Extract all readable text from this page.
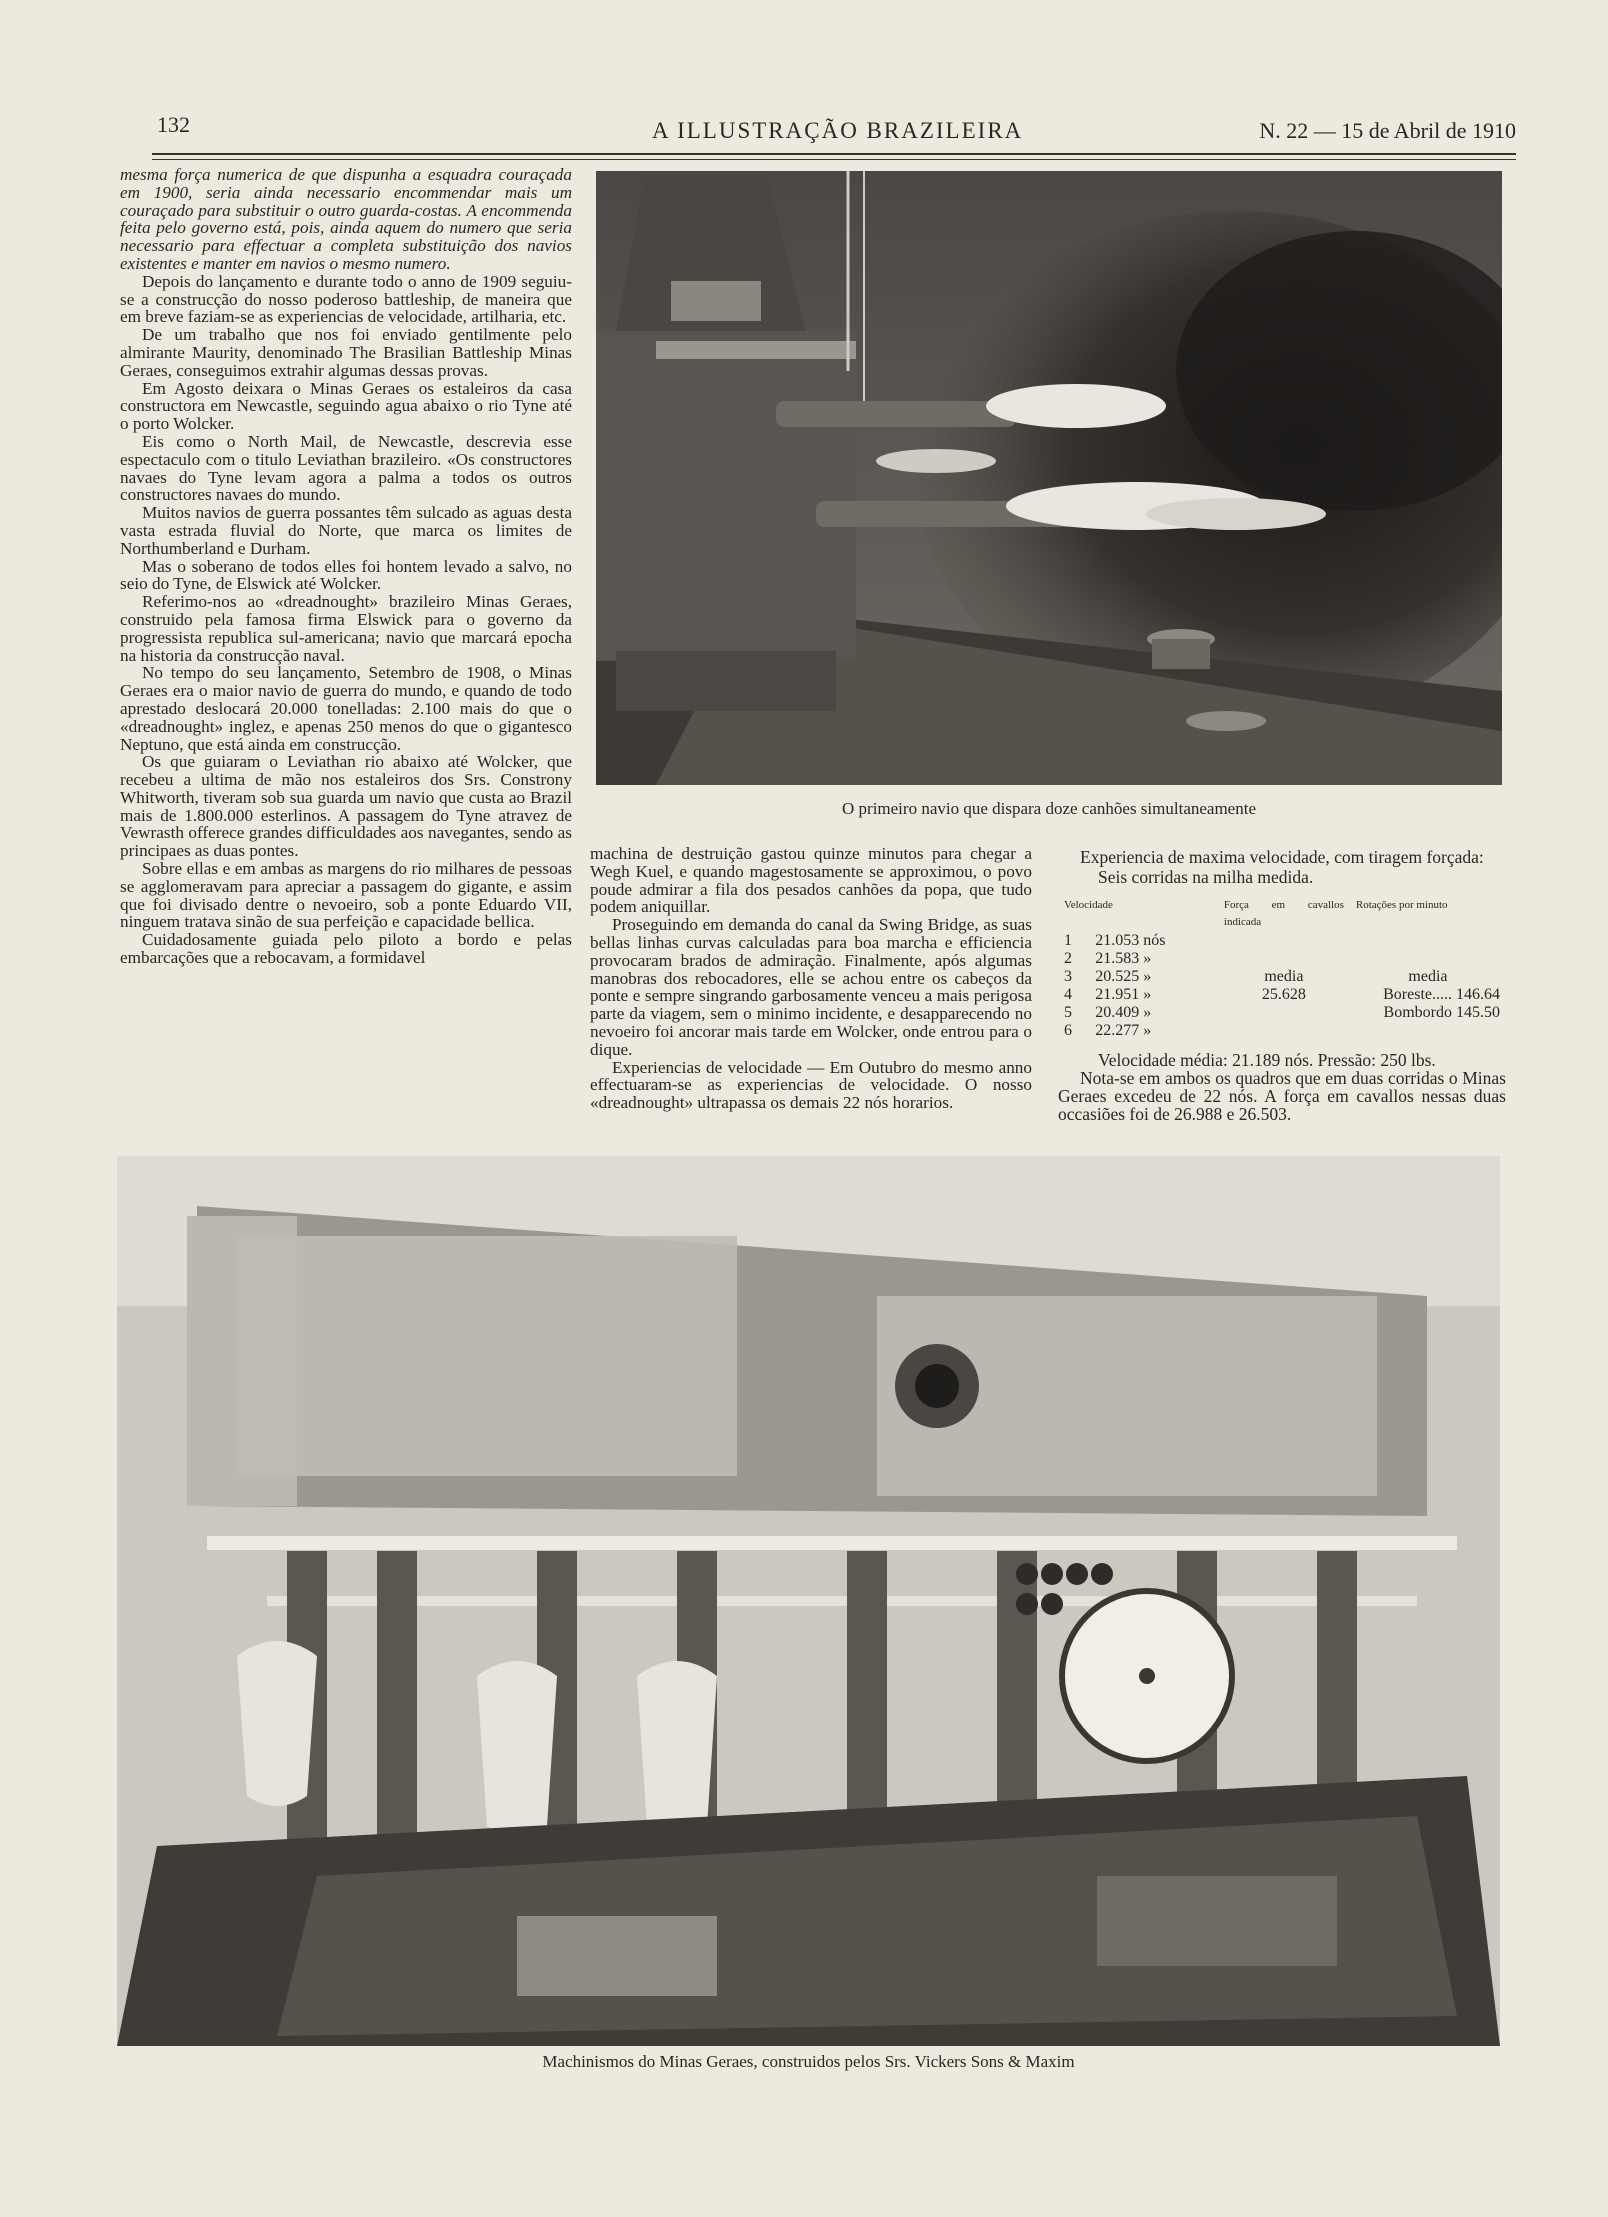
132	A ILLUSTRAÇÃO BRAZILEIRA	N. 22 — 15 de Abril de 1910

mesma força numerica de que dispunha a esquadra couraçada em 1900, seria ainda necessario encommendar mais um couraçado para substituir o outro guarda-costas. A encommenda feita pelo governo está, pois, ainda aquem do numero que seria necessario para effectuar a completa substituição dos navios existentes e manter em navios o mesmo numero.

Depois do lançamento e durante todo o anno de 1909 seguiu-se a construcção do nosso poderoso battleship, de maneira que em breve faziam-se as experiencias de velocidade, artilharia, etc.

De um trabalho que nos foi enviado gentilmente pelo almirante Maurity, denominado The Brasilian Battleship Minas Geraes, conseguimos extrahir algumas dessas provas.

Em Agosto deixara o Minas Geraes os estaleiros da casa constructora em Newcastle, seguindo agua abaixo o rio Tyne até o porto Wolcker.

Eis como o North Mail, de Newcastle, descrevia esse espectaculo com o titulo Leviathan brazileiro. «Os constructores navaes do Tyne levam agora a palma a todos os outros constructores navaes do mundo.

Muitos navios de guerra possantes têm sulcado as aguas desta vasta estrada fluvial do Norte, que marca os limites de Northumberland e Durham.

Mas o soberano de todos elles foi hontem levado a salvo, no seio do Tyne, de Elswick até Wolcker.

Referimo-nos ao «dreadnought» brazileiro Minas Geraes, construido pela famosa firma Elswick para o governo da progressista republica sul-americana; navio que marcará epocha na historia da construcção naval.

No tempo do seu lançamento, Setembro de 1908, o Minas Geraes era o maior navio de guerra do mundo, e quando de todo aprestado deslocará 20.000 tonelladas: 2.100 mais do que o «dreadnought» inglez, e apenas 250 menos do que o gigantesco Neptuno, que está ainda em construcção.

Os que guiaram o Leviathan rio abaixo até Wolcker, que recebeu a ultima de mão nos estaleiros dos Srs. Constrony Whitworth, tiveram sob sua guarda um navio que custa ao Brazil mais de 1.800.000 esterlinos. A passagem do Tyne atravez de Vewrasth offerece grandes difficuldades aos navegantes, sendo as principaes as duas pontes.

Sobre ellas e em ambas as margens do rio milhares de pessoas se agglomeravam para apreciar a passagem do gigante, e assim que foi divisado dentre o nevoeiro, sob a ponte Eduardo VII, ninguem tratava sinão de sua perfeição e capacidade bellica.

Cuidadosamente guiada pelo piloto a bordo e pelas embarcações que a rebocavam, a formidavel

O primeiro navio que dispara doze canhões simultaneamente

machina de destruição gastou quinze minutos para chegar a Wegh Kuel, e quando magestosamente se approximou, o povo poude admirar a fila dos pesados canhões da popa, que tudo podem aniquillar.

Proseguindo em demanda do canal da Swing Bridge, as suas bellas linhas curvas calculadas para boa marcha e efficiencia provocaram brados de admiração. Finalmente, após algumas manobras dos rebocadores, elle se achou entre os cabeços da ponte e sempre singrando garbosamente venceu a mais perigosa parte da viagem, sem o minimo incidente, e desapparecendo no nevoeiro foi ancorar mais tarde em Wolcker, onde entrou para o dique.

Experiencias de velocidade — Em Outubro do mesmo anno effectuaram-se as experiencias de velocidade. O nosso «dreadnought» ultrapassa os demais 22 nós horarios.

Experiencia de maxima velocidade, com tiragem forçada:

Seis corridas na milha medida.

Velocidade		Força em cavallos indicada	Rotações por minuto
1	21.053 nós		
2	21.583 »		
3	20.525 »	media	media
4	21.951 »	25.628	Boreste..... 146.64
5	20.409 »		Bombordo 145.50
6	22.277 »		

Velocidade média: 21.189 nós. Pressão: 250 lbs.

Nota-se em ambos os quadros que em duas corridas o Minas Geraes excedeu de 22 nós. A força em cavallos nessas duas occasiões foi de 26.988 e 26.503.

Machinismos do Minas Geraes, construidos pelos Srs. Vickers Sons & Maxim
